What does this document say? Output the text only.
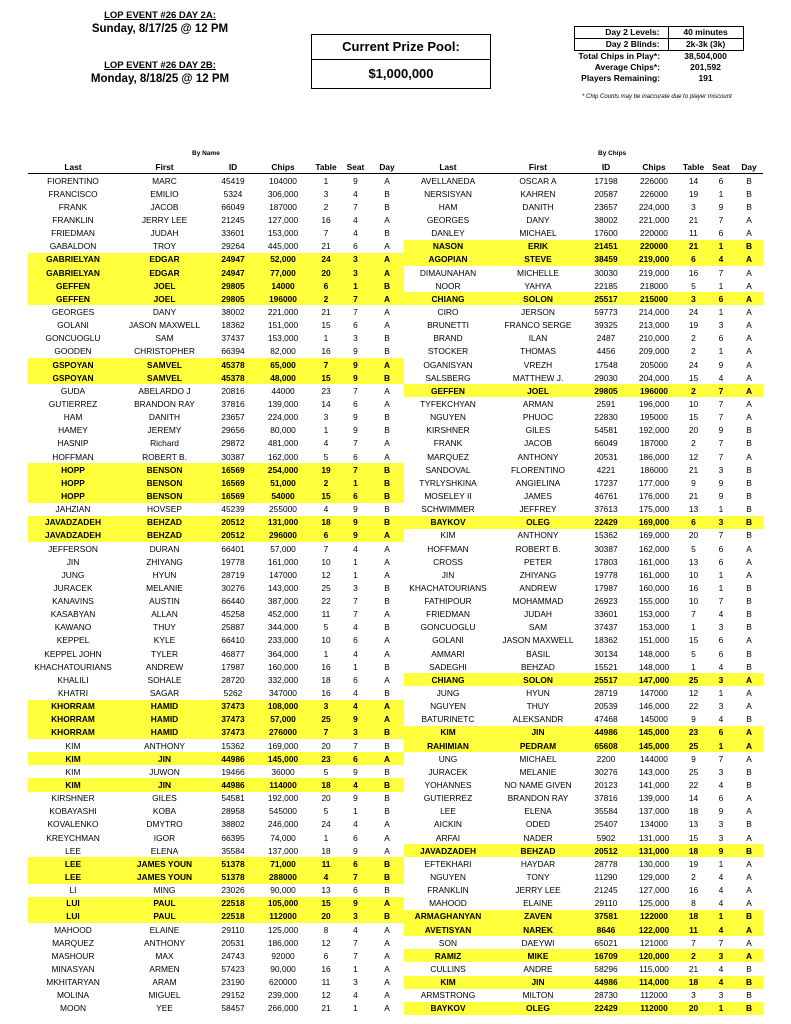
LOP EVENT #26 DAY 2A:
Sunday, 8/17/25 @ 12 PM
LOP EVENT #26 DAY 2B:
Monday, 8/18/25 @ 12 PM
Current Prize Pool:
$1,000,000
Day 2 Levels:	40 minutes
Day 2 Blinds:	2k-3k (3k)
Total Chips in Play*:	38,504,000
Average Chips*:	201,592
Players Remaining:	191
* Chip Counts may be inaccurate due to player miscount
By Name	By Chips
Last	First	ID	Chips	Table	Seat	Day
FIORENTINO	MARC	45419	104000	1	9	A
FRANCISCO	EMILIO	5324	306,000	3	4	B
FRANK	JACOB	66049	187000	2	7	B
FRANKLIN	JERRY LEE	21245	127,000	16	4	A
FRIEDMAN	JUDAH	33601	153,000	7	4	B
GABALDON	TROY	29264	445,000	21	6	A
GABRIELYAN	EDGAR	24947	52,000	24	3	A
GABRIELYAN	EDGAR	24947	77,000	20	3	A
GEFFEN	JOEL	29805	14000	6	1	B
GEFFEN	JOEL	29805	196000	2	7	A
GEORGES	DANY	38002	221,000	21	7	A
GOLANI	JASON MAXWELL	18362	151,000	15	6	A
GONCUOGLU	SAM	37437	153,000	1	3	B
GOODEN	CHRISTOPHER	66394	82,000	16	9	B
GSPOYAN	SAMVEL	45378	65,000	7	9	A
GSPOYAN	SAMVEL	45378	48,000	15	9	B
GUDA	ABELARDO J	20816	44000	23	7	A
GUTIERREZ	BRANDON RAY	37816	139,000	14	6	A
HAM	DANITH	23657	224,000	3	9	B
HAMEY	JEREMY	29656	80,000	1	9	B
HASNIP	Richard	29872	481,000	4	7	A
HOFFMAN	ROBERT B.	30387	162,000	5	6	A
HOPP	BENSON	16569	254,000	19	7	B
HOPP	BENSON	16569	51,000	2	1	B
HOPP	BENSON	16569	54000	15	6	B
JAHZIAN	HOVSEP	45239	255000	4	9	B
JAVADZADEH	BEHZAD	20512	131,000	18	9	B
JAVADZADEH	BEHZAD	20512	296000	6	9	A
JEFFERSON	DURAN	66401	57,000	7	4	A
JIN	ZHIYANG	19778	161,000	10	1	A
JUNG	HYUN	28719	147000	12	1	A
JURACEK	MELANIE	30276	143,000	25	3	B
KANAVINS	AUSTIN	66440	387,000	22	7	B
KASABYAN	ALLAN	45258	452,000	11	7	A
KAWANO	THUY	25887	344,000	5	4	B
KEPPEL	KYLE	66410	233,000	10	6	A
KEPPEL JOHN	TYLER	46877	364,000	1	4	A
KHACHATOURIANS	ANDREW	17987	160,000	16	1	B
KHALILI	SOHALE	28720	332,000	18	6	A
KHATRI	SAGAR	5262	347000	16	4	B
KHORRAM	HAMID	37473	108,000	3	4	A
KHORRAM	HAMID	37473	57,000	25	9	A
KHORRAM	HAMID	37473	276000	7	3	B
KIM	ANTHONY	15362	169,000	20	7	B
KIM	JIN	44986	145,000	23	6	A
KIM	JUWON	19466	36000	5	9	B
KIM	JIN	44986	114000	18	4	B
KIRSHNER	GILES	54581	192,000	20	9	B
KOBAYASHI	KOBA	28958	545000	5	1	B
KOVALENKO	DMYTRO	38802	246,000	24	4	A
KREYCHMAN	IGOR	66395	74,000	1	6	A
LEE	ELENA	35584	137,000	18	9	A
LEE	JAMES YOUN	51378	71,000	11	6	B
LEE	JAMES YOUN	51378	288000	4	7	B
LI	MING	23026	90,000	13	6	B
LUI	PAUL	22518	105,000	15	9	A
LUI	PAUL	22518	112000	20	3	B
MAHOOD	ELAINE	29110	125,000	8	4	A
MARQUEZ	ANTHONY	20531	186,000	12	7	A
MASHOUR	MAX	24743	92000	6	7	A
MINASYAN	ARMEN	57423	90,000	16	1	A
MKHITARYAN	ARAM	23190	620000	11	3	A
MOLINA	MIGUEL	29152	239,000	12	4	A
MOON	YEE	58457	266,000	21	1	A
Last	First	ID	Chips	Table	Seat	Day
AVELLANEDA	OSCAR A	17198	226000	14	6	B
NERSISYAN	KAHREN	20587	226000	19	1	B
HAM	DANITH	23657	224,000	3	9	B
GEORGES	DANY	38002	221,000	21	7	A
DANLEY	MICHAEL	17600	220000	11	6	A
NASON	ERIK	21451	220000	21	1	B
AGOPIAN	STEVE	38459	219,000	6	4	A
DIMAUNAHAN	MICHELLE	30030	219,000	16	7	A
NOOR	YAHYA	22185	218000	5	1	A
CHIANG	SOLON	25517	215000	3	6	A
CIRO	JERSON	59773	214,000	24	1	A
BRUNETTI	FRANCO SERGE	39325	213,000	19	3	A
BRAND	ILAN	2487	210,000	2	6	A
STOCKER	THOMAS	4456	209,000	2	1	A
OGANISYAN	VREZH	17548	205000	24	9	A
SALSBERG	MATTHEW J.	29030	204,000	15	4	A
GEFFEN	JOEL	29805	196000	2	7	A
TYFEKCHYAN	ARMAN	2591	196,000	10	7	A
NGUYEN	PHUOC	22830	195000	15	7	A
KIRSHNER	GILES	54581	192,000	20	9	B
FRANK	JACOB	66049	187000	2	7	B
MARQUEZ	ANTHONY	20531	186,000	12	7	A
SANDOVAL	FLORENTINO	4221	186000	21	3	B
TYRLYSHKINA	ANGIELINA	17237	177,000	9	9	B
MOSELEY II	JAMES	46761	176,000	21	9	B
SCHWIMMER	JEFFREY	37613	175,000	13	1	B
BAYKOV	OLEG	22429	169,000	6	3	B
KIM	ANTHONY	15362	169,000	20	7	B
HOFFMAN	ROBERT B.	30387	162,000	5	6	A
CROSS	PETER	17803	161,000	13	6	A
JIN	ZHIYANG	19778	161,000	10	1	A
KHACHATOURIANS	ANDREW	17987	160,000	16	1	B
FATHIPOUR	MOHAMMAD	26923	155,000	10	7	B
FRIEDMAN	JUDAH	33601	153,000	7	4	B
GONCUOGLU	SAM	37437	153,000	1	3	B
GOLANI	JASON MAXWELL	18362	151,000	15	6	A
AMMARI	BASIL	30134	148,000	5	6	B
SADEGHI	BEHZAD	15521	148,000	1	4	B
CHIANG	SOLON	25517	147,000	25	3	A
JUNG	HYUN	28719	147000	12	1	A
NGUYEN	THUY	20539	146,000	22	3	A
BATURINETC	ALEKSANDR	47468	145000	9	4	B
KIM	JIN	44986	145,000	23	6	A
RAHIMIAN	PEDRAM	65608	145,000	25	1	A
UNG	MICHAEL	2200	144000	9	7	A
JURACEK	MELANIE	30276	143,000	25	3	B
YOHANNES	NO NAME GIVEN	20123	141,000	22	4	B
GUTIERREZ	BRANDON RAY	37816	139,000	14	6	A
LEE	ELENA	35584	137,000	18	9	A
AICKIN	ODED	25407	134000	13	3	B
ARFAI	NADER	5902	131,000	15	3	A
JAVADZADEH	BEHZAD	20512	131,000	18	9	B
EFTEKHARI	HAYDAR	28778	130,000	19	1	A
NGUYEN	TONY	11290	129,000	2	4	A
FRANKLIN	JERRY LEE	21245	127,000	16	4	A
MAHOOD	ELAINE	29110	125,000	8	4	A
ARMAGHANYAN	ZAVEN	37581	122000	18	1	B
AVETISYAN	NAREK	8646	122,000	11	4	A
SON	DAEYWI	65021	121000	7	7	A
RAMIZ	MIKE	16709	120,000	2	3	A
CULLINS	ANDRE	58296	115,000	21	4	B
KIM	JIN	44986	114,000	18	4	B
ARMSTRONG	MILTON	28730	112000	3	3	B
BAYKOV	OLEG	22429	112000	20	1	B
